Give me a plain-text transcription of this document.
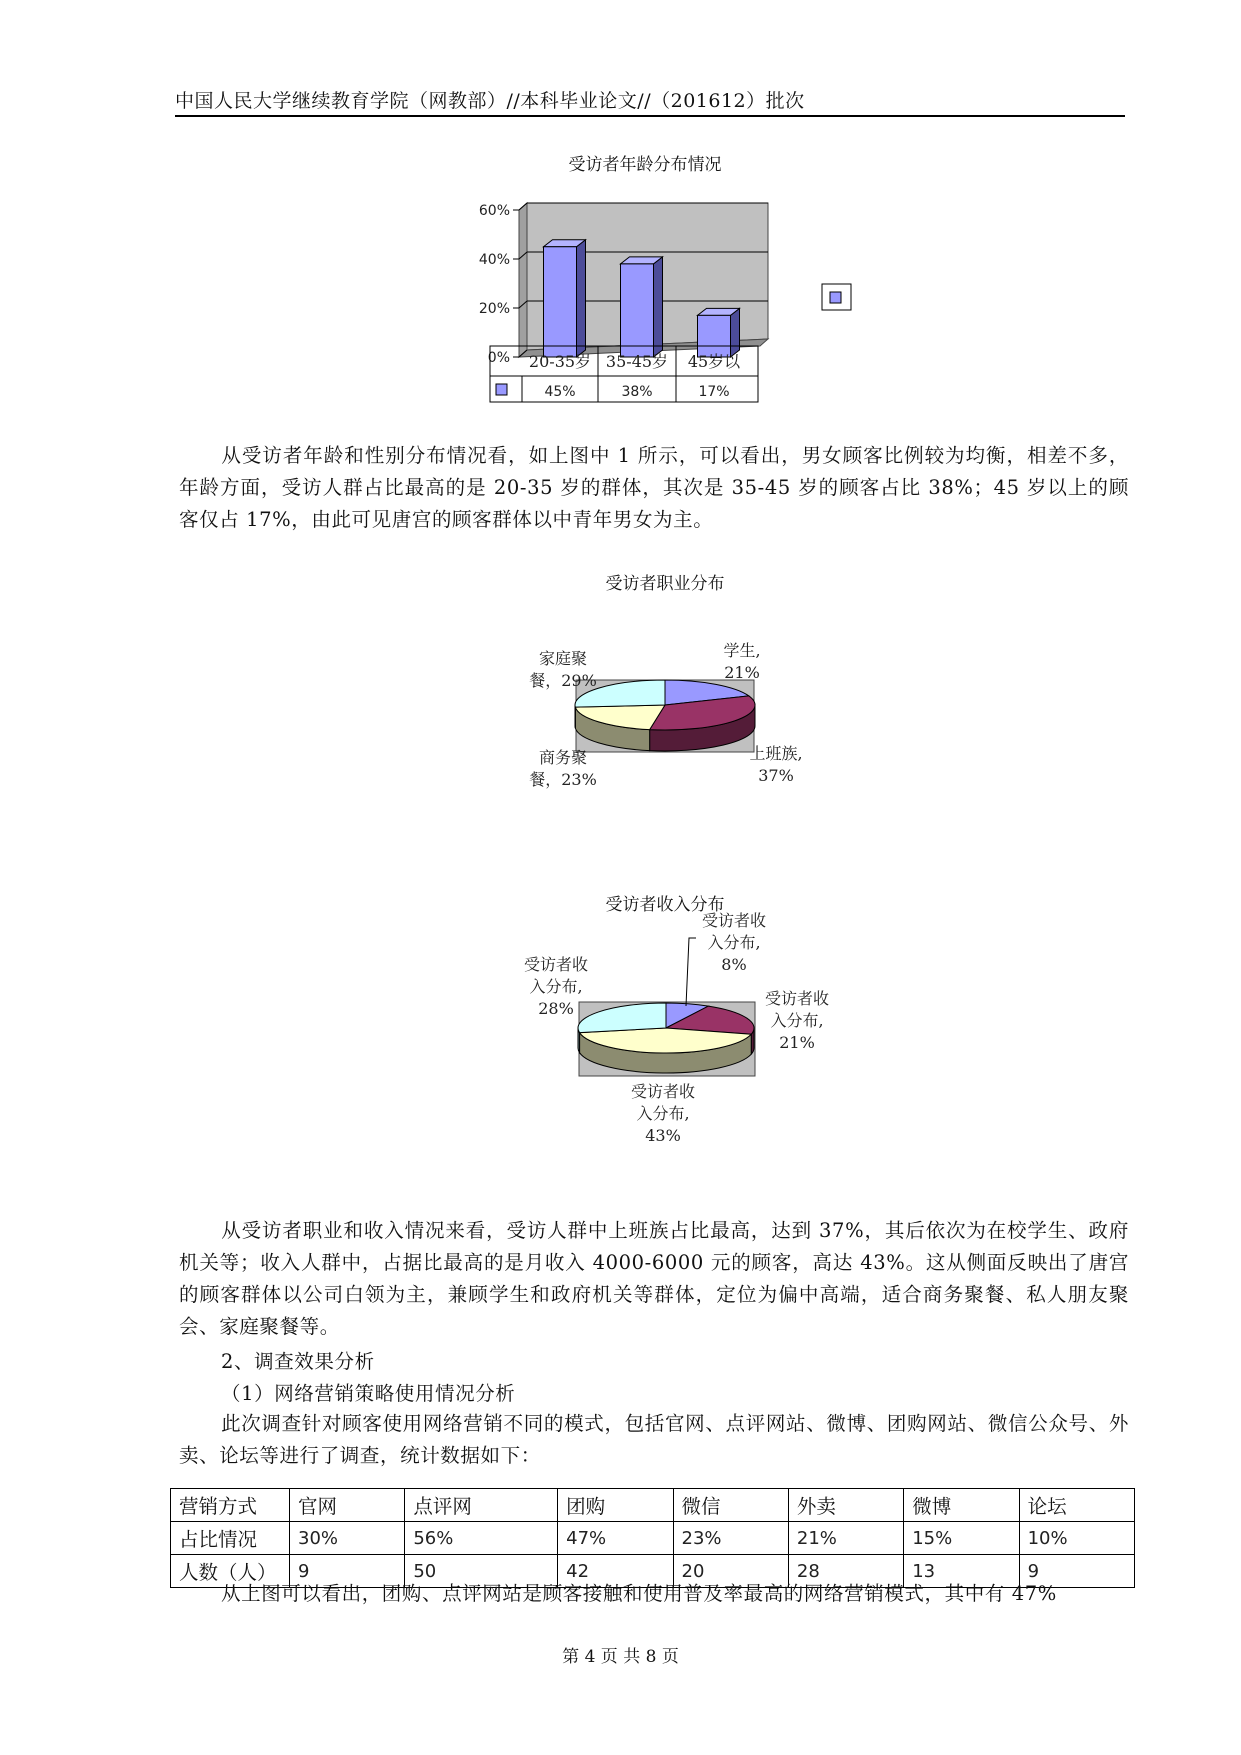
中国人民大学继续教育学院（网教部）//本科毕业论文//（201612）批次
受访者年龄分布情况
0%
20%
40%
60%
20-35岁 35-45岁 45岁以
45%	38%	17%

从受访者年龄和性别分布情况看，如上图中 1 所示，可以看出，男女顾客比例较为均衡，相差不多，年龄方面，受访人群占比最高的是 20-35 岁的群体，其次是 35-45 岁的顾客占比 38%；45 岁以上的顾客仅占 17%，由此可见唐宫的顾客群体以中青年男女为主。

受访者职业分布
家庭聚
餐，29%
学生,
21%
商务聚
餐，23%
上班族,
37%
受访者收
入分布,
8%
受访者收
入分布,
21%
受访者收
入分布,
43%
受访者收
入分布,
28%
受访者收入分布

从受访者职业和收入情况来看，受访人群中上班族占比最高，达到 37%，其后依次为在校学生、政府机关等；收入人群中，占据比最高的是月收入 4000-6000 元的顾客，高达 43%。这从侧面反映出了唐宫的顾客群体以公司白领为主，兼顾学生和政府机关等群体，定位为偏中高端，适合商务聚餐、私人朋友聚会、家庭聚餐等。

2、调查效果分析
（1）网络营销策略使用情况分析

此次调查针对顾客使用网络营销不同的模式，包括官网、点评网站、微博、团购网站、微信公众号、外卖、论坛等进行了调查，统计数据如下：

营销方式	官网	点评网	团购	微信	外卖	微博	论坛
占比情况	30%	56%	47%	23%	21%	15%	10%
人数（人）	9	50	42	20	28	13	9
从上图可以看出，团购、点评网站是顾客接触和使用普及率最高的网络营销模式，其中有 47%
第 4 页 共 8 页
